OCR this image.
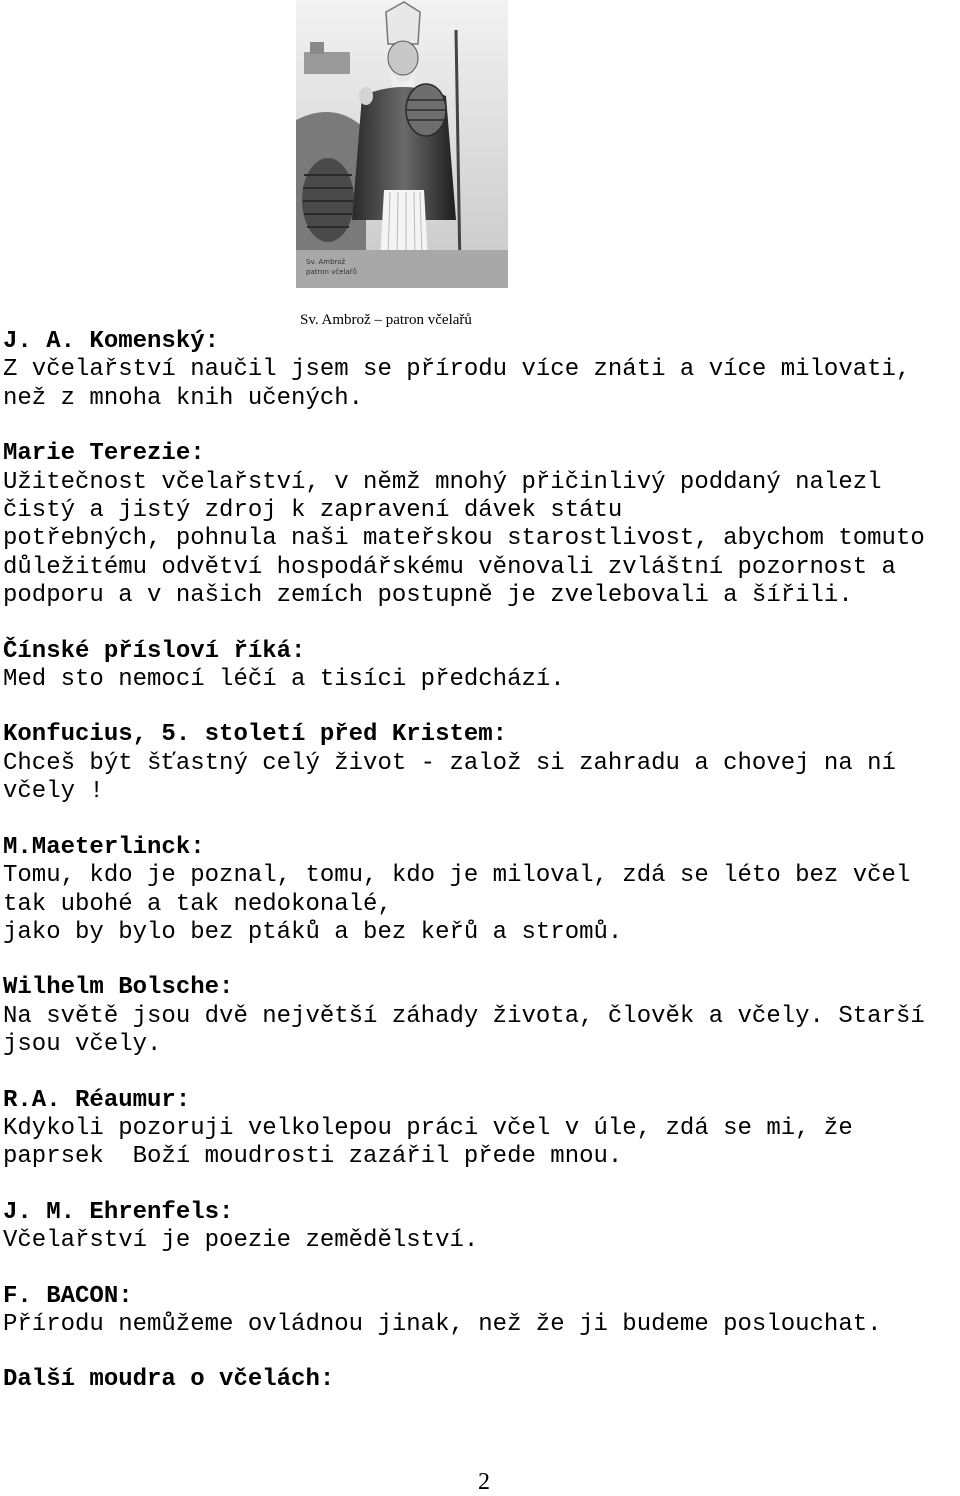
Sv. Ambrož
patron včelařů
Sv. Ambrož – patron včelařů
J. A. Komenský:
Z včelařství naučil jsem se přírodu více znáti a více milovati,
než z mnoha knih učených.
Marie Terezie:
Užitečnost včelařství, v němž mnohý přičinlivý poddaný nalezl
čistý a jistý zdroj k zapravení dávek státu
potřebných, pohnula naši mateřskou starostlivost, abychom tomuto
důležitému odvětví hospodářskému věnovali zvláštní pozornost a
podporu a v našich zemích postupně je zvelebovali a šířili.
Čínské přísloví říká:
Med sto nemocí léčí a tisíci předchází.
Konfucius, 5. století před Kristem:
Chceš být šťastný celý život - založ si zahradu a chovej na ní
včely !
M.Maeterlinck:
Tomu, kdo je poznal, tomu, kdo je miloval, zdá se léto bez včel
tak ubohé a tak nedokonalé,
jako by bylo bez ptáků a bez keřů a stromů.
Wilhelm Bolsche:
Na světě jsou dvě největší záhady života, člověk a včely. Starší
jsou včely.
R.A. Réaumur:
Kdykoli pozoruji velkolepou práci včel v úle, zdá se mi, že
paprsek  Boží moudrosti zazářil přede mnou.
J. M. Ehrenfels:
Včelařství je poezie zemědělství.
F. BACON:
Přírodu nemůžeme ovládnou jinak, než že ji budeme poslouchat.
Další moudra o včelách:
2
